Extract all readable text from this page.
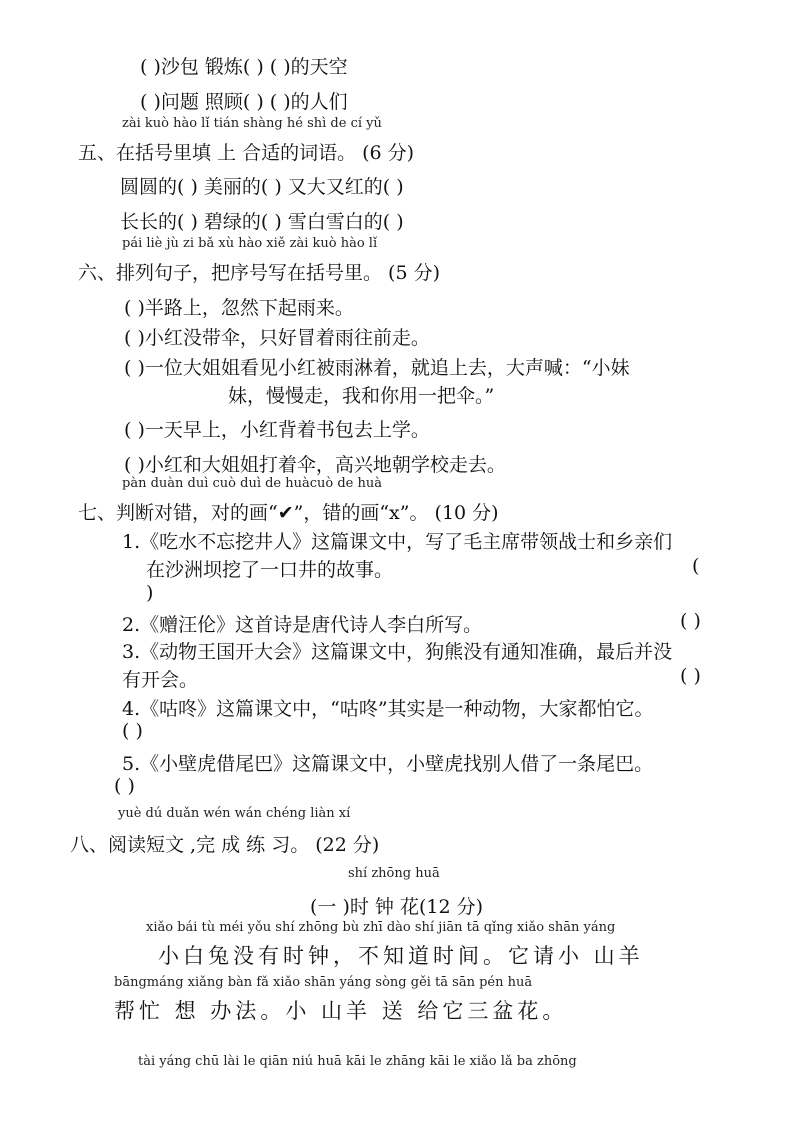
( )沙包 锻炼( ) ( )的天空
( )问题 照顾( ) ( )的人们
zài kuò hào lǐ tián shàng hé shì de cí yǔ
五、在括号里填 上 合适的词语。 (6 分)
圆圆的( ) 美丽的( ) 又大又红的( )
长长的( ) 碧绿的( ) 雪白雪白的( )
pái liè jù zi bǎ xù hào xiě zài kuò hào lǐ
六、排列句子，把序号写在括号里。 (5 分)
( )半路上，忽然下起雨来。
( )小红没带伞，只好冒着雨往前走。
( )一位大姐姐看见小红被雨淋着，就追上去，大声喊：“小妹
妹，慢慢走，我和你用一把伞。”
( )一天早上，小红背着书包去上学。
( )小红和大姐姐打着伞，高兴地朝学校走去。
pàn duàn duì cuò duì de huàcuò de huà
七、判断对错，对的画“✔”，错的画“x”。 (10 分)
1.《吃水不忘挖井人》这篇课文中，写了毛主席带领战士和乡亲们
在沙洲坝挖了一口井的故事。	(
)
2.《赠汪伦》这首诗是唐代诗人李白所写。	( )
3.《动物王国开大会》这篇课文中，狗熊没有通知准确，最后并没
有开会。	( )
4.《咕咚》这篇课文中，“咕咚”其实是一种动物，大家都怕它。
( )
5.《小壁虎借尾巴》这篇课文中，小壁虎找别人借了一条尾巴。
( )
yuè dú duǎn wén wán chéng liàn xí
八、阅读短文 ,完 成 练 习。 (22 分)
shí zhōng huā
(一 )时 钟 花(12 分)
xiǎo bái tù méi yǒu shí zhōng bù zhī dào shí jiān tā qǐng xiǎo shān yáng
小白兔没有时钟，不知道时间。它请小 山羊
bāngmáng xiǎng bàn fǎ xiǎo shān yáng sòng gěi tā sān pén huā
帮忙 想 办法。小 山羊 送 给它三盆花。
tài yáng chū lài le qiān niú huā kāi le zhāng kāi le xiǎo lǎ ba zhōng
